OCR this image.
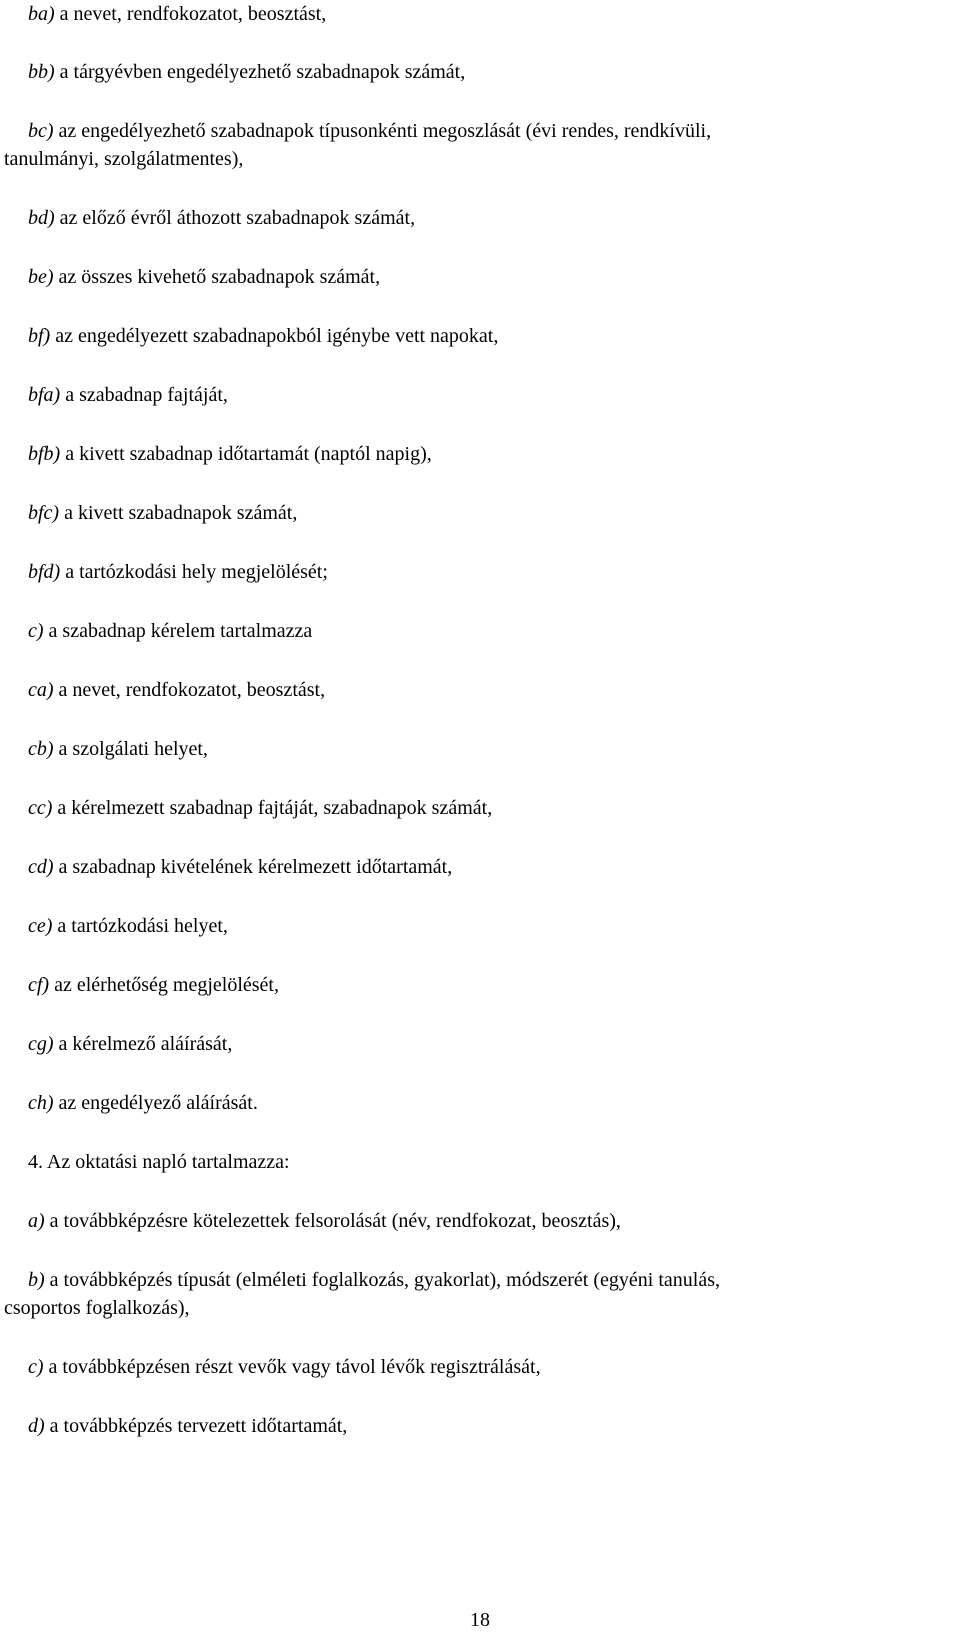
ba) a nevet, rendfokozatot, beosztást,

bb) a tárgyévben engedélyezhető szabadnapok számát,

bc) az engedélyezhető szabadnapok típusonkénti megoszlását (évi rendes, rendkívüli,

tanulmányi, szolgálatmentes),

bd) az előző évről áthozott szabadnapok számát,

be) az összes kivehető szabadnapok számát,

bf) az engedélyezett szabadnapokból igénybe vett napokat,

bfa) a szabadnap fajtáját,

bfb) a kivett szabadnap időtartamát (naptól napig),

bfc) a kivett szabadnapok számát,

bfd) a tartózkodási hely megjelölését;

c) a szabadnap kérelem tartalmazza

ca) a nevet, rendfokozatot, beosztást,

cb) a szolgálati helyet,

cc) a kérelmezett szabadnap fajtáját, szabadnapok számát,

cd) a szabadnap kivételének kérelmezett időtartamát,

ce) a tartózkodási helyet,

cf) az elérhetőség megjelölését,

cg) a kérelmező aláírását,

ch) az engedélyező aláírását.

4. Az oktatási napló tartalmazza:

a) a továbbképzésre kötelezettek felsorolását (név, rendfokozat, beosztás),

b) a továbbképzés típusát (elméleti foglalkozás, gyakorlat), módszerét (egyéni tanulás,

csoportos foglalkozás),

c) a továbbképzésen részt vevők vagy távol lévők regisztrálását,

d) a továbbképzés tervezett időtartamát,

18
